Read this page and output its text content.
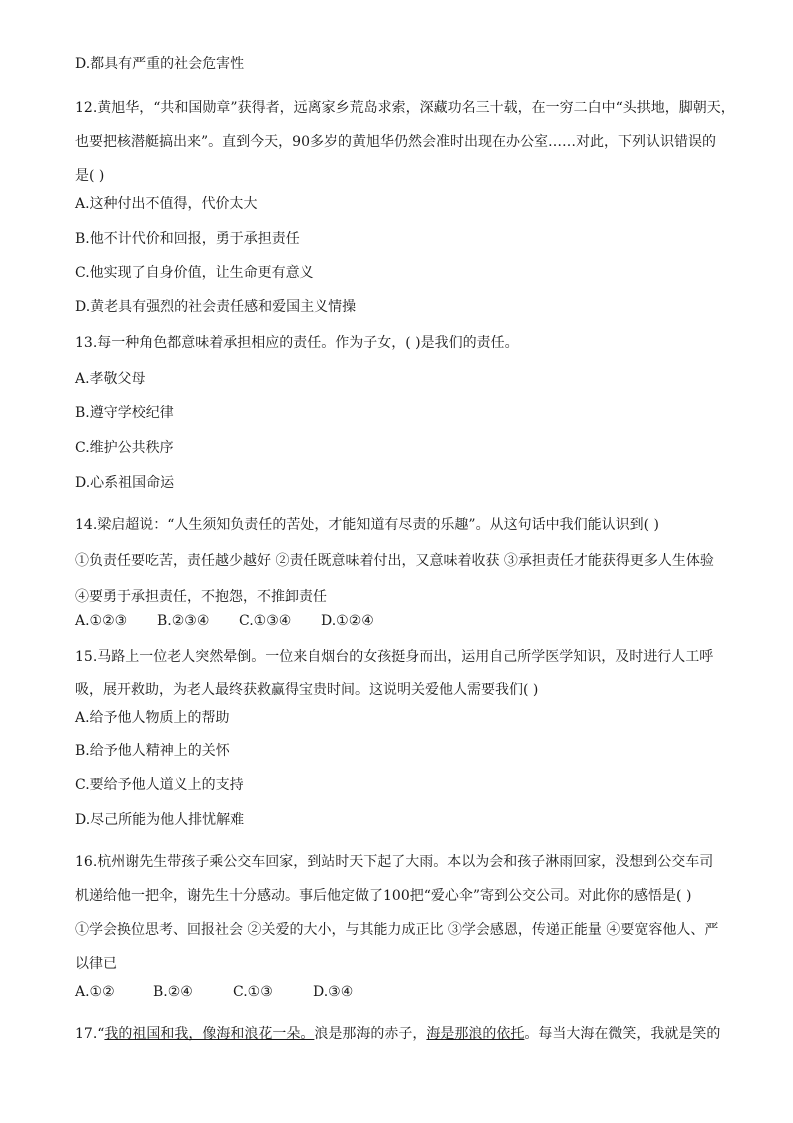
D.都具有严重的社会危害性
12.黄旭华，“共和国勋章”获得者，远离家乡荒岛求索，深藏功名三十载，在一穷二白中“头拱地，脚朝天，
也要把核潜艇搞出来”。直到今天，90多岁的黄旭华仍然会准时出现在办公室……对此，下列认识错误的
是( )
A.这种付出不值得，代价太大
B.他不计代价和回报，勇于承担责任
C.他实现了自身价值，让生命更有意义
D.黄老具有强烈的社会责任感和爱国主义情操
13.每一种角色都意味着承担相应的责任。作为子女，( )是我们的责任。
A.孝敬父母
B.遵守学校纪律
C.维护公共秩序
D.心系祖国命运
14.梁启超说：“人生须知负责任的苦处，才能知道有尽责的乐趣”。从这句话中我们能认识到( )
①负责任要吃苦，责任越少越好 ②责任既意味着付出，又意味着收获 ③承担责任才能获得更多人生体验
④要勇于承担责任，不抱怨，不推卸责任
A.①②③ B.②③④ C.①③④ D.①②④
15.马路上一位老人突然晕倒。一位来自烟台的女孩挺身而出，运用自己所学医学知识，及时进行人工呼
吸，展开救助，为老人最终获救赢得宝贵时间。这说明关爱他人需要我们( )
A.给予他人物质上的帮助
B.给予他人精神上的关怀
C.要给予他人道义上的支持
D.尽己所能为他人排忧解难
16.杭州谢先生带孩子乘公交车回家，到站时天下起了大雨。本以为会和孩子淋雨回家，没想到公交车司
机递给他一把伞，谢先生十分感动。事后他定做了100把“爱心伞”寄到公交公司。对此你的感悟是( )
①学会换位思考、回报社会 ②关爱的大小，与其能力成正比 ③学会感恩，传递正能量 ④要宽容他人、严
以律已
A.①②	B.②④	C.①③	D.③④
17.“我的祖国和我，像海和浪花一朵。浪是那海的赤子，海是那浪的依托。每当大海在微笑，我就是笑的
